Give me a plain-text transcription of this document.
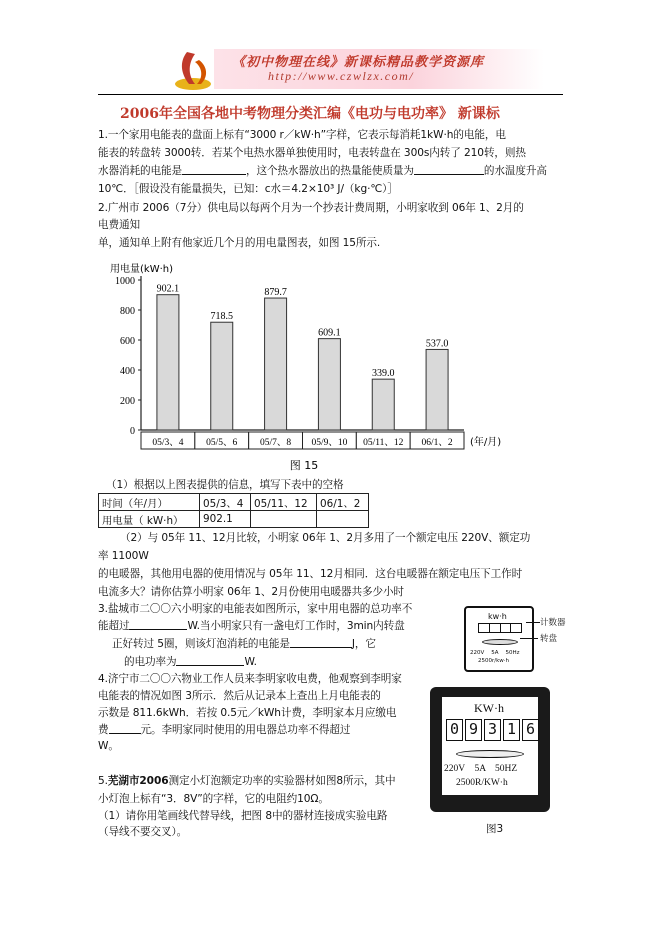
《初中物理在线》新课标精品教学资源库
http://www.czwlzx.com/
2006年全国各地中考物理分类汇编《电功与电功率》 新课标
1.一个家用电能表的盘面上标有“3000 r／kW·h”字样，它表示每消耗1kW·h的电能，电
能表的转盘转 3000转．若某个电热水器单独使用时，电表转盘在 300s内转了 210转，则热
水器消耗的电能是	，这个热水器放出的热量能使质量为	的水温度升高
10℃．［假设没有能量损失，已知：c水＝4.2×10³ J/（kg·℃）］
2.广州市 2006（7分）供电局以每两个月为一个抄表计费周期，小明家收到 06年 1、2月的
电费通知
单，通知单上附有他家近几个月的用电量图表，如图 15所示.
用电量(kW·h)
0
200
400
600
800
1000
05/3、4
902.1
05/5、6
718.5
05/7、8
879.7
05/9、10
609.1
05/11、12
339.0
06/1、2
537.0
(年/月)
图 15
（1）根据以上图表提供的信息，填写下表中的空格
时间（年/月）	05/3、4	05/11、12	06/1、2
用电量（ kW·h）	902.1		
（2）与 05年 11、12月比较，小明家 06年 1、2月多用了一个额定电压 220V、额定功
率 1100W
的电暖器，其他用电器的使用情况与 05年 11、12月相同．这台电暖器在额定电压下工作时
电流多大？请你估算小明家 06年 1、2月份使用电暖器共多少小时
3.盐城市二〇〇六小明家的电能表如图所示，家中用电器的总功率不
能超过	W.当小明家只有一盏电灯工作时，3min内转盘
正好转过 5圈，则该灯泡消耗的电能是	J，它
的电功率为	W.
kw·h
220V    5A    50Hz
2500r/kw·h
计数器
转盘
4.济宁市二〇〇六物业工作人员来李明家收电费，他观察到李明家
电能表的情况如图 3所示．然后从记录本上查出上月电能表的
示数是 811.6kWh．若按 0.5元／kWh计费，李明家本月应缴电
费	元。李明家同时使用的用电器总功率不得超过
W。
KW·h
0 9 3 1 6
220V    5A    50HZ
2500R/KW·h
图3
5.芜湖市2006测定小灯泡额定功率的实验器材如图8所示，其中
小灯泡上标有“3．8V”的字样，它的电阻约10Ω。
（1）请你用笔画线代替导线，把图 8中的器材连接成实验电路
（导线不要交叉）。
